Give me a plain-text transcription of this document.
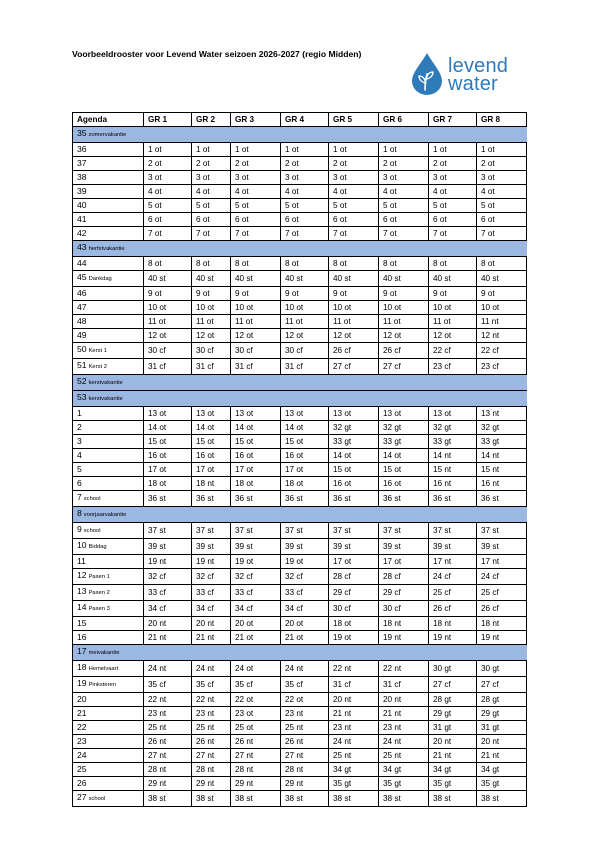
Voorbeeldrooster voor Levend Water seizoen 2026-2027 (regio Midden)
levend
water
Agenda	GR 1	GR 2	GR 3	GR 4	GR 5	GR 6	GR 7	GR 8
35 zomervakantie								
36	1 ot	1 ot	1 ot	1 ot	1 ot	1 ot	1 ot	1 ot
37	2 ot	2 ot	2 ot	2 ot	2 ot	2 ot	2 ot	2 ot
38	3 ot	3 ot	3 ot	3 ot	3 ot	3 ot	3 ot	3 ot
39	4 ot	4 ot	4 ot	4 ot	4 ot	4 ot	4 ot	4 ot
40	5 ot	5 ot	5 ot	5 ot	5 ot	5 ot	5 ot	5 ot
41	6 ot	6 ot	6 ot	6 ot	6 ot	6 ot	6 ot	6 ot
42	7 ot	7 ot	7 ot	7 ot	7 ot	7 ot	7 ot	7 ot
43 herfstvakantie								
44	8 ot	8 ot	8 ot	8 ot	8 ot	8 ot	8 ot	8 ot
45 Dankdag	40 st	40 st	40 st	40 st	40 st	40 st	40 st	40 st
46	9 ot	9 ot	9 ot	9 ot	9 ot	9 ot	9 ot	9 ot
47	10 ot	10 ot	10 ot	10 ot	10 ot	10 ot	10 ot	10 ot
48	11 ot	11 ot	11 ot	11 ot	11 ot	11 ot	11 ot	11 nt
49	12 ot	12 ot	12 ot	12 ot	12 ot	12 ot	12 ot	12 nt
50 Kerst 1	30 cf	30 cf	30 cf	30 cf	26 cf	26 cf	22 cf	22 cf
51 Kerst 2	31 cf	31 cf	31 cf	31 cf	27 cf	27 cf	23 cf	23 cf
52 kerstvakantie								
53 kerstvakantie								
1	13 ot	13 ot	13 ot	13 ot	13 ot	13 ot	13 ot	13 nt
2	14 ot	14 ot	14 ot	14 ot	32 gt	32 gt	32 gt	32 gt
3	15 ot	15 ot	15 ot	15 ot	33 gt	33 gt	33 gt	33 gt
4	16 ot	16 ot	16 ot	16 ot	14 ot	14 ot	14 nt	14 nt
5	17 ot	17 ot	17 ot	17 ot	15 ot	15 ot	15 nt	15 nt
6	18 ot	18 nt	18 ot	18 ot	16 ot	16 ot	16 nt	16 nt
7 school	36 st	36 st	36 st	36 st	36 st	36 st	36 st	36 st
8 voorjaarvakantie								
9 school	37 st	37 st	37 st	37 st	37 st	37 st	37 st	37 st
10 Biddag	39 st	39 st	39 st	39 st	39 st	39 st	39 st	39 st
11	19 nt	19 nt	19 ot	19 ot	17 ot	17 ot	17 nt	17 nt
12 Pasen 1	32 cf	32 cf	32 cf	32 cf	28 cf	28 cf	24 cf	24 cf
13 Pasen 2	33 cf	33 cf	33 cf	33 cf	29 cf	29 cf	25 cf	25 cf
14 Pasen 3	34 cf	34 cf	34 cf	34 cf	30 cf	30 cf	26 cf	26 cf
15	20 nt	20 nt	20 ot	20 ot	18 ot	18 nt	18 nt	18 nt
16	21 nt	21 nt	21 ot	21 ot	19 ot	19 nt	19 nt	19 nt
17 meivakantie								
18 Hemelvaart	24 nt	24 nt	24 ot	24 nt	22 nt	22 nt	30 gt	30 gt
19 Pinksteren	35 cf	35 cf	35 cf	35 cf	31 cf	31 cf	27 cf	27 cf
20	22 nt	22 nt	22 ot	22 ot	20 nt	20 nt	28 gt	28 gt
21	23 nt	23 nt	23 ot	23 nt	21 nt	21 nt	29 gt	29 gt
22	25 nt	25 nt	25 ot	25 nt	23 nt	23 nt	31 gt	31 gt
23	26 nt	26 nt	26 nt	26 nt	24 nt	24 nt	20 nt	20 nt
24	27 nt	27 nt	27 nt	27 nt	25 nt	25 nt	21 nt	21 nt
25	28 nt	28 nt	28 nt	28 nt	34 gt	34 gt	34 gt	34 gt
26	29 nt	29 nt	29 nt	29 nt	35 gt	35 gt	35 gt	35 gt
27 school	38 st	38 st	38 st	38 st	38 st	38 st	38 st	38 st
